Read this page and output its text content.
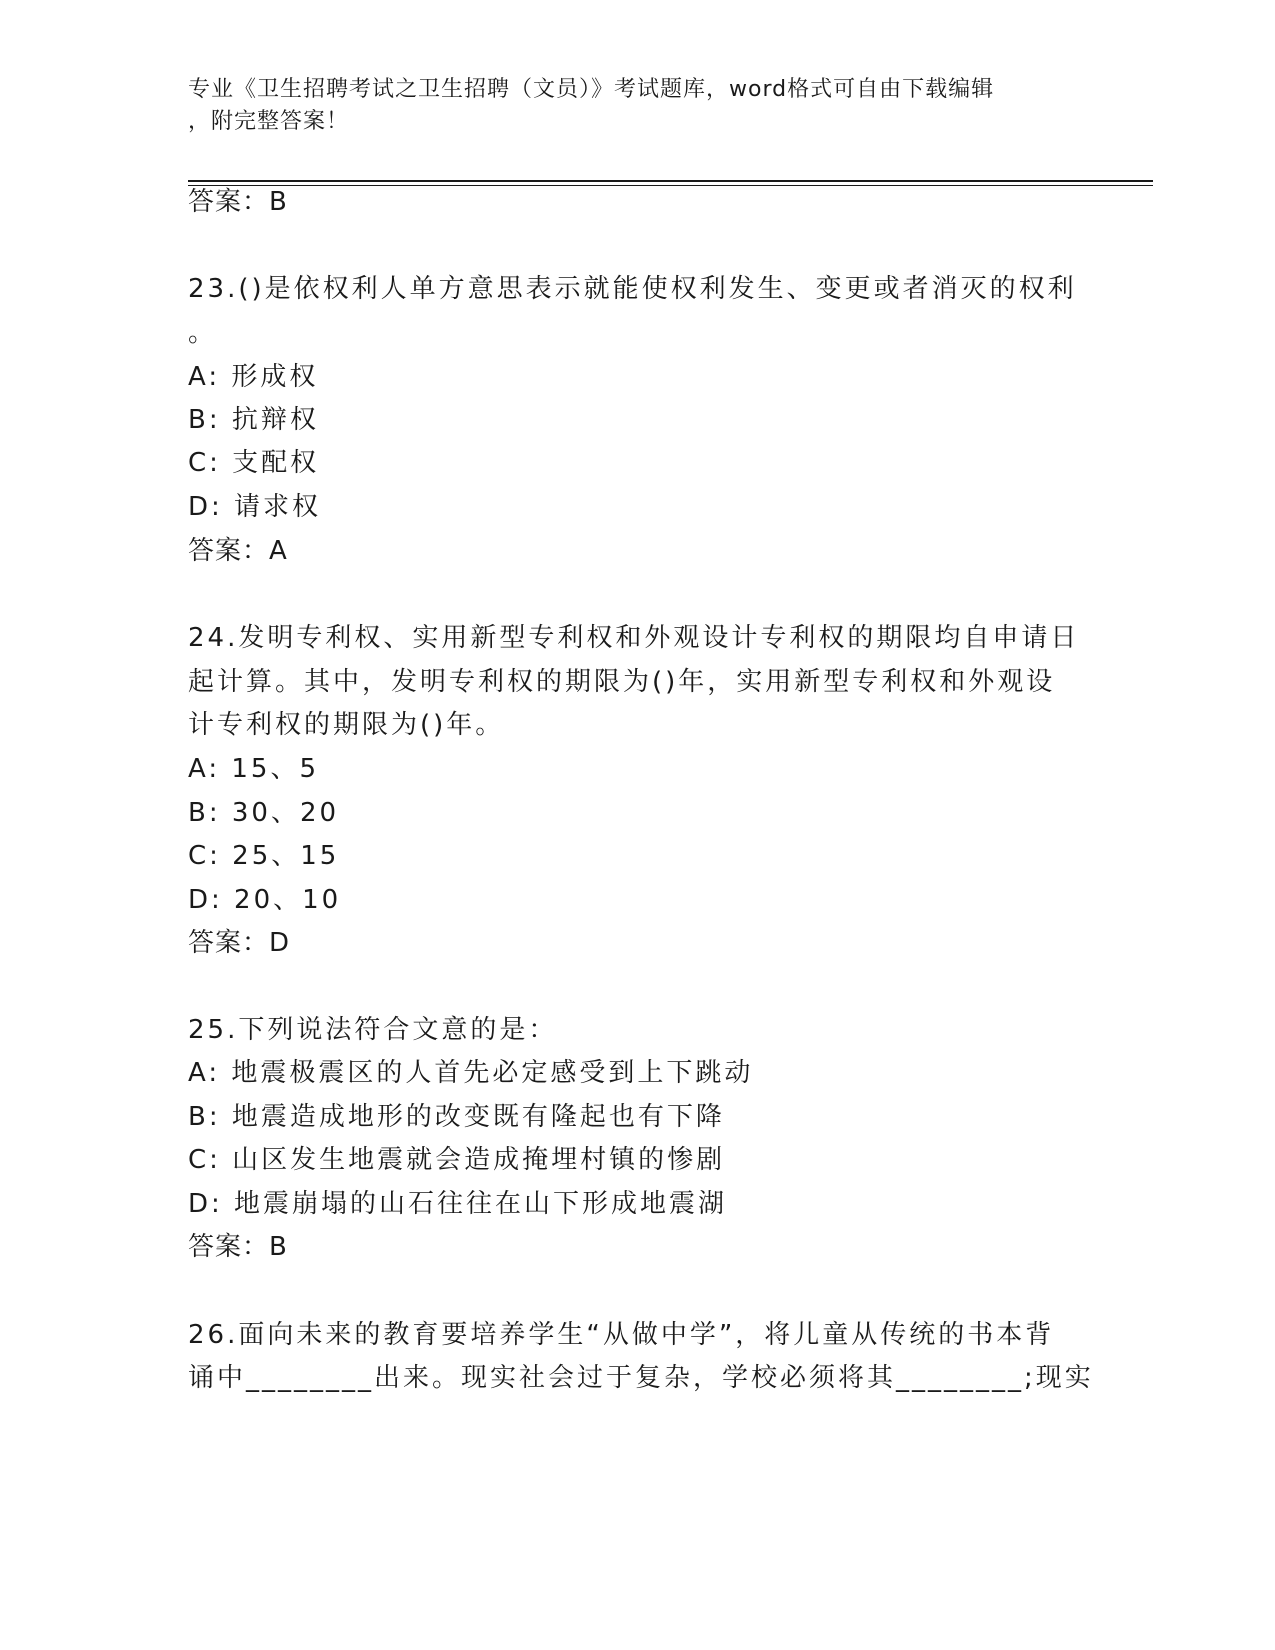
专业《卫生招聘考试之卫生招聘（文员）》考试题库，word格式可自由下载编辑
，附完整答案！
答案：B
23.()是依权利人单方意思表示就能使权利发生、变更或者消灭的权利
。
A: 形成权
B: 抗辩权
C: 支配权
D: 请求权
答案：A
24.发明专利权、实用新型专利权和外观设计专利权的期限均自申请日
起计算。其中，发明专利权的期限为()年，实用新型专利权和外观设
计专利权的期限为()年。
A: 15、5
B: 30、20
C: 25、15
D: 20、10
答案：D
25.下列说法符合文意的是：
A: 地震极震区的人首先必定感受到上下跳动
B: 地震造成地形的改变既有隆起也有下降
C: 山区发生地震就会造成掩埋村镇的惨剧
D: 地震崩塌的山石往往在山下形成地震湖
答案：B
26.面向未来的教育要培养学生“从做中学”，将儿童从传统的书本背
诵中________出来。现实社会过于复杂，学校必须将其________;现实
